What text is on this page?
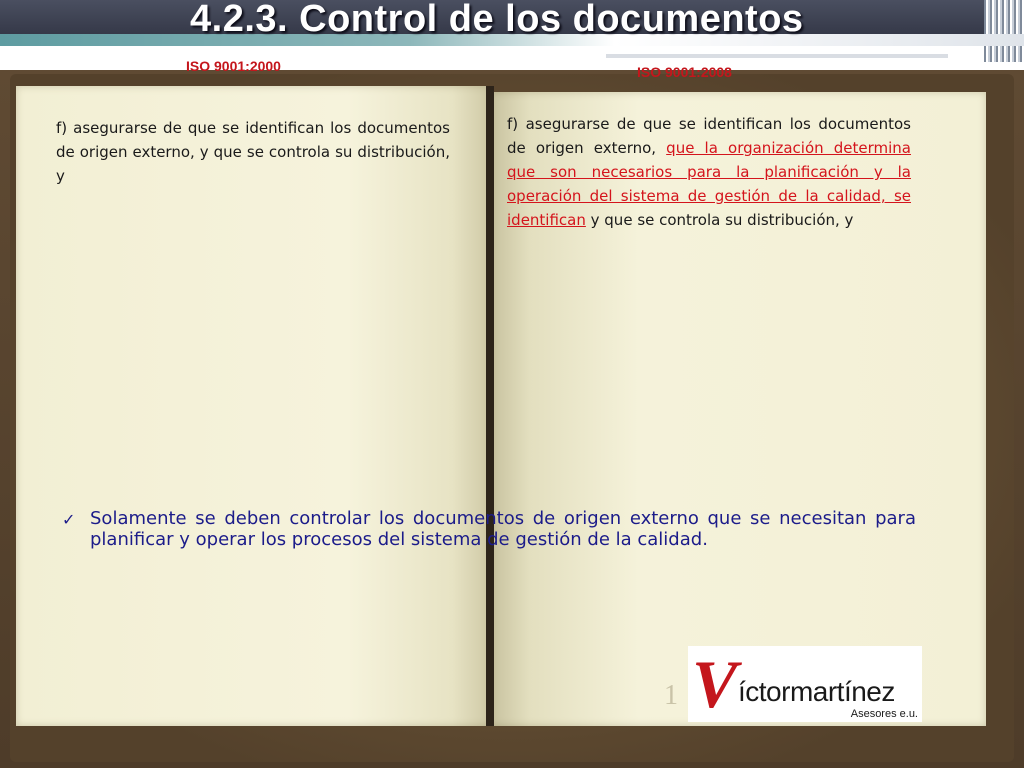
4.2.3. Control de los documentos
ISO 9001:2000	ISO 9001:2008
f) asegurarse de que se identifican los documentos de origen externo, y que se controla su distribución, y
f) asegurarse de que se identifican los documentos de origen externo, que la organización determina que son necesarios para la planificación y la operación del sistema de gestión de la calidad, se identifican y que se controla su distribución, y
✓ Solamente se deben controlar los documentos de origen externo que se necesitan para planificar y operar los procesos del sistema de gestión de la calidad.
1 V íctormartínez
Asesores e.u.
